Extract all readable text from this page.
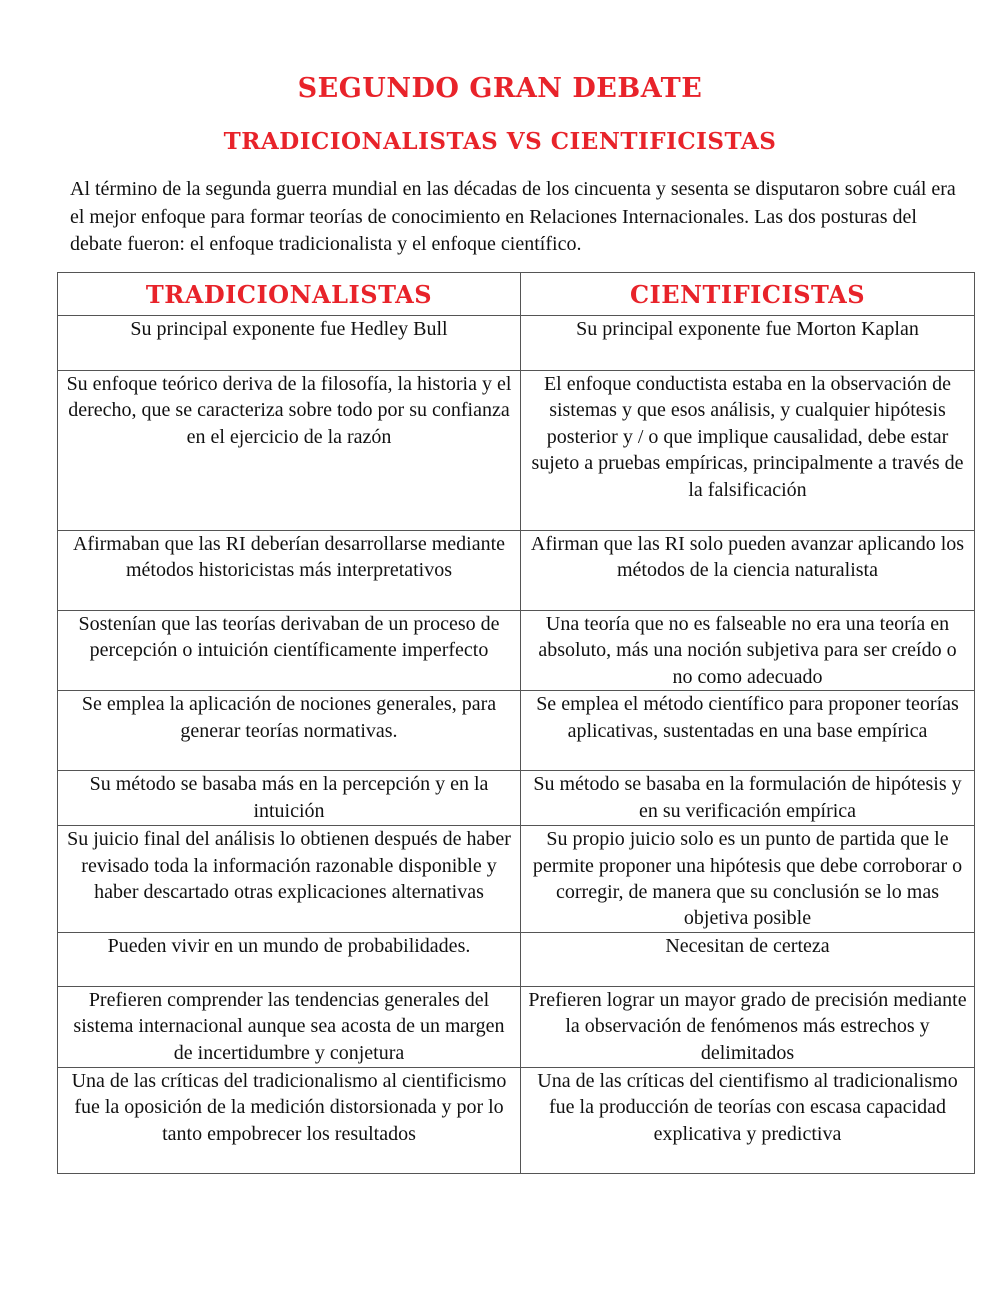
SEGUNDO GRAN DEBATE
TRADICIONALISTAS VS CIENTIFICISTAS

Al término de la segunda guerra mundial en las décadas de los cincuenta y sesenta se disputaron sobre cuál era el mejor enfoque para formar teorías de conocimiento en Relaciones Internacionales. Las dos posturas del debate fueron: el enfoque tradicionalista y el enfoque científico.

TRADICIONALISTAS	CIENTIFICISTAS
Su principal exponente fue Hedley Bull	Su principal exponente fue Morton Kaplan
Su enfoque teórico deriva de la filosofía, la historia y el derecho, que se caracteriza sobre todo por su confianza en el ejercicio de la razón	El enfoque conductista estaba en la observación de sistemas y que esos análisis, y cualquier hipótesis posterior y / o que implique causalidad, debe estar sujeto a pruebas empíricas, principalmente a través de la falsificación
Afirmaban que las RI deberían desarrollarse mediante métodos historicistas más interpretativos	Afirman que las RI solo pueden avanzar aplicando los métodos de la ciencia naturalista
Sostenían que las teorías derivaban de un proceso de percepción o intuición científicamente imperfecto	Una teoría que no es falseable no era una teoría en absoluto, más una noción subjetiva para ser creído o no como adecuado
Se emplea la aplicación de nociones generales, para generar teorías normativas.	Se emplea el método científico para proponer teorías aplicativas, sustentadas en una base empírica
Su método se basaba más en la percepción y en la intuición	Su método se basaba en la formulación de hipótesis y en su verificación empírica
Su juicio final del análisis lo obtienen después de haber revisado toda la información razonable disponible y haber descartado otras explicaciones alternativas	Su propio juicio solo es un punto de partida que le permite proponer una hipótesis que debe corroborar o corregir, de manera que su conclusión se lo mas objetiva posible
Pueden vivir en un mundo de probabilidades.	Necesitan de certeza
Prefieren comprender las tendencias generales del sistema internacional aunque sea acosta de un margen de incertidumbre y conjetura	Prefieren lograr un mayor grado de precisión mediante la observación de fenómenos más estrechos y delimitados
Una de las críticas del tradicionalismo al cientificismo fue la oposición de la medición distorsionada y por lo tanto empobrecer los resultados	Una de las críticas del cientifismo al tradicionalismo fue la producción de teorías con escasa capacidad explicativa y predictiva
